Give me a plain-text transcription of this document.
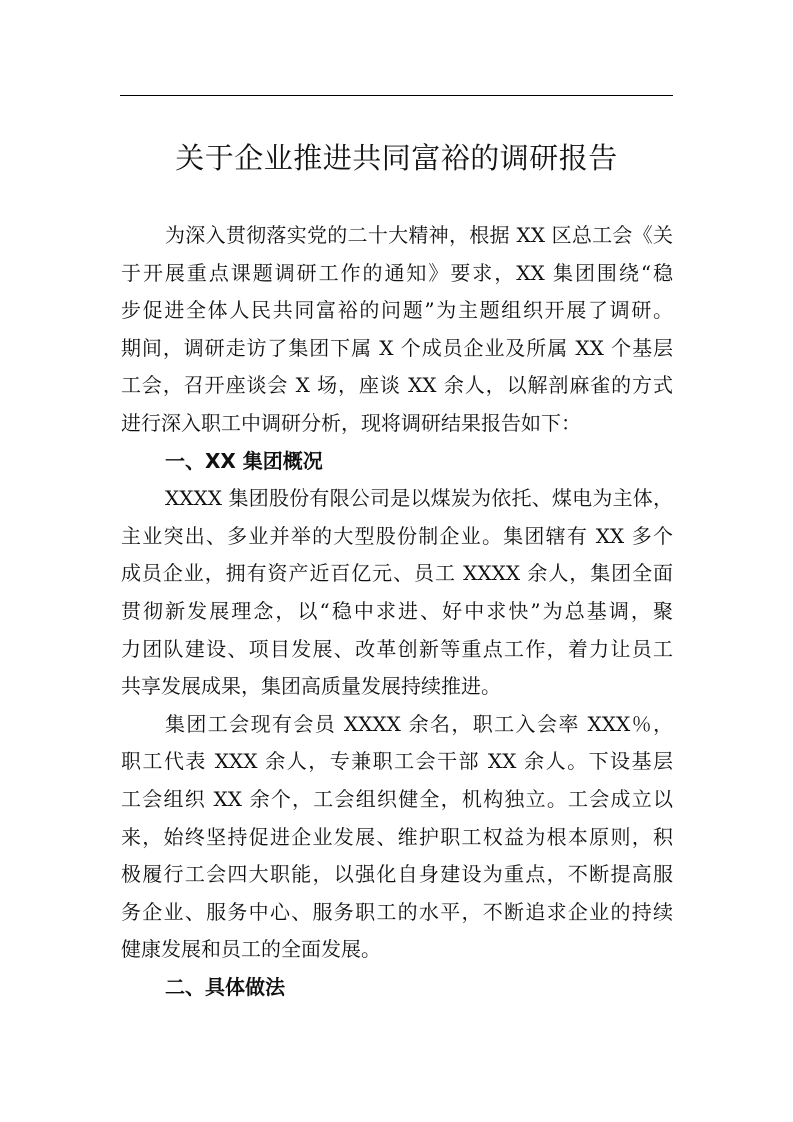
关于企业推进共同富裕的调研报告
为深入贯彻落实党的二十大精神，根据 XX 区总工会《关
于开展重点课题调研工作的通知》要求，XX 集团围绕“稳
步促进全体人民共同富裕的问题”为主题组织开展了调研。
期间，调研走访了集团下属 X 个成员企业及所属 XX 个基层
工会，召开座谈会 X 场，座谈 XX 余人，以解剖麻雀的方式
进行深入职工中调研分析，现将调研结果报告如下：
一、XX 集团概况
XXXX 集团股份有限公司是以煤炭为依托、煤电为主体，
主业突出、多业并举的大型股份制企业。集团辖有 XX 多个
成员企业，拥有资产近百亿元、员工 XXXX 余人，集团全面
贯彻新发展理念，以“稳中求进、好中求快”为总基调，聚
力团队建设、项目发展、改革创新等重点工作，着力让员工
共享发展成果，集团高质量发展持续推进。
集团工会现有会员 XXXX 余名，职工入会率 XXX％，
职工代表 XXX 余人，专兼职工会干部 XX 余人。下设基层
工会组织 XX 余个，工会组织健全，机构独立。工会成立以
来，始终坚持促进企业发展、维护职工权益为根本原则，积
极履行工会四大职能，以强化自身建设为重点，不断提高服
务企业、服务中心、服务职工的水平，不断追求企业的持续
健康发展和员工的全面发展。
二、具体做法
